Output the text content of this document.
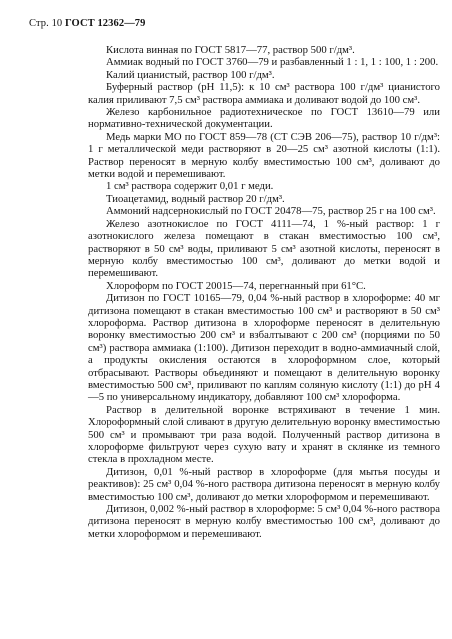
Стр. 10 ГОСТ 12362—79

Кислота винная по ГОСТ 5817—77, раствор 500 г/дм³.

Аммиак водный по ГОСТ 3760—79 и разбавленный 1 : 1, 1 : 100, 1 : 200.

Калий цианистый, раствор 100 г/дм³.

Буферный раствор (рН 11,5): к 10 см³ раствора 100 г/дм³ цианистого калия приливают 7,5 см³ раствора аммиака и доливают водой до 100 см³.

Железо карбонильное радиотехническое по ГОСТ 13610—79 или нормативно-технической документации.

Медь марки МО по ГОСТ 859—78 (СТ СЭВ 206—75), раствор 10 г/дм³: 1 г металлической меди растворяют в 20—25 см³ азотной кислоты (1:1). Раствор переносят в мерную колбу вместимостью 100 см³, доливают до метки водой и перемешивают.

1 см³ раствора содержит 0,01 г меди.

Тиоацетамид, водный раствор 20 г/дм³.

Аммоний надсернокислый по ГОСТ 20478—75, раствор 25 г на 100 см³.

Железо азотнокислое по ГОСТ 4111—74, 1 %-ный раствор: 1 г азотнокислого железа помещают в стакан вместимостью 100 см³, растворяют в 50 см³ воды, приливают 5 см³ азотной кислоты, переносят в мерную колбу вместимостью 100 см³, доливают до метки водой и перемешивают.

Хлороформ по ГОСТ 20015—74, перегнанный при 61°С.

Дитизон по ГОСТ 10165—79, 0,04 %-ный раствор в хлороформе: 40 мг дитизона помещают в стакан вместимостью 100 см³ и растворяют в 50 см³ хлороформа. Раствор дитизона в хлороформе переносят в делительную воронку вместимостью 200 см³ и взбалтывают с 200 см³ (порциями по 50 см³) раствора аммиака (1:100). Дитизон переходит в водно-аммиачный слой, а продукты окисления остаются в хлороформном слое, который отбрасывают. Растворы объединяют и помещают в делительную воронку вместимостью 500 см³, приливают по каплям соляную кислоту (1:1) до рН 4—5 по универсальному индикатору, добавляют 100 см³ хлороформа.

Раствор в делительной воронке встряхивают в течение 1 мин. Хлороформный слой сливают в другую делительную воронку вместимостью 500 см³ и промывают три раза водой. Полученный раствор дитизона в хлороформе фильтруют через сухую вату и хранят в склянке из темного стекла в прохладном месте.

Дитизон, 0,01 %-ный раствор в хлороформе (для мытья посуды и реактивов): 25 см³ 0,04 %-ного раствора дитизона переносят в мерную колбу вместимостью 100 см³, доливают до метки хлороформом и перемешивают.

Дитизон, 0,002 %-ный раствор в хлороформе: 5 см³ 0,04 %-ного раствора дитизона переносят в мерную колбу вместимостью 100 см³, доливают до метки хлороформом и перемешивают.
